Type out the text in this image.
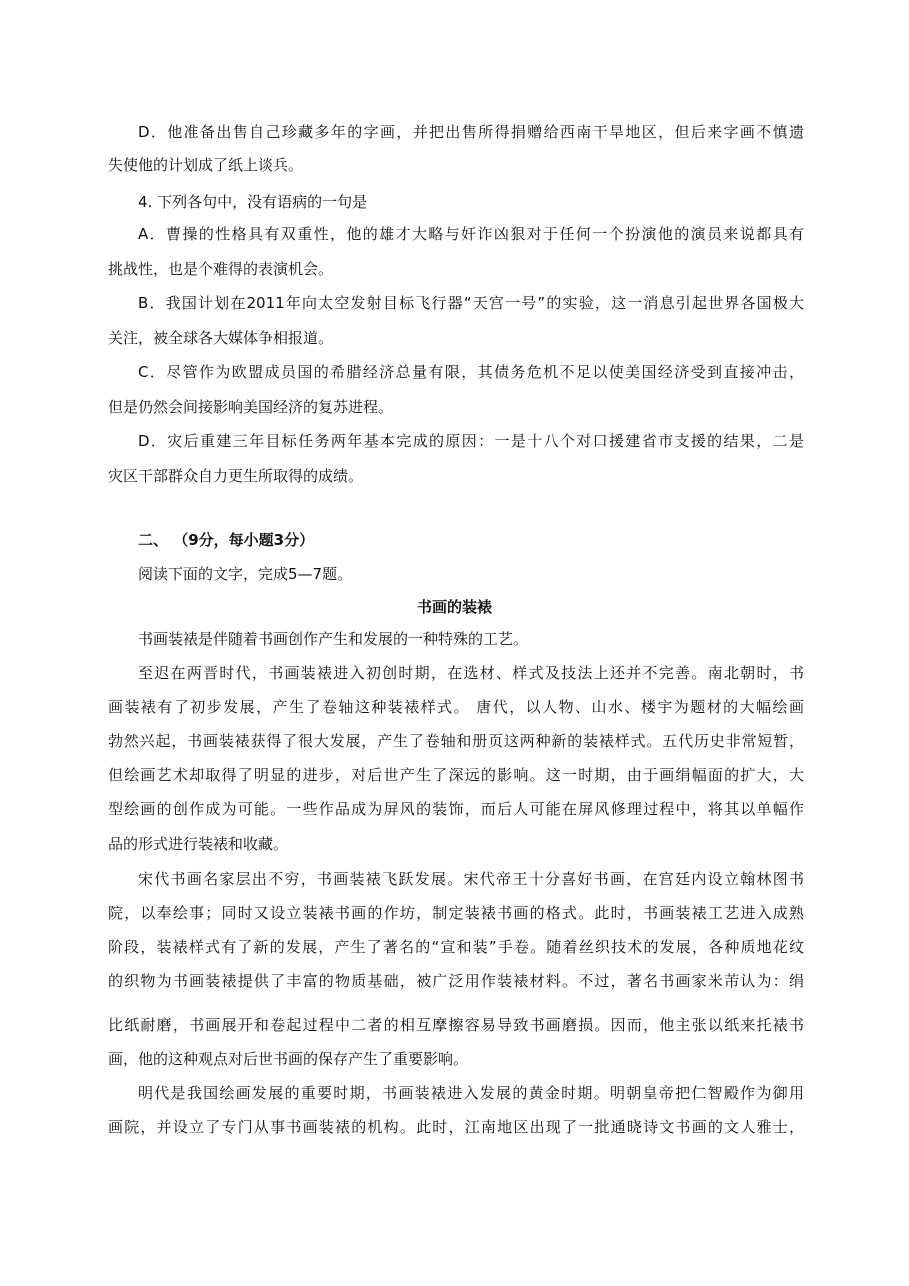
D．他准备出售自己珍藏多年的字画，并把出售所得捐赠给西南干旱地区，但后来字画不慎遗
失使他的计划成了纸上谈兵。
4. 下列各句中，没有语病的一句是
A．曹操的性格具有双重性，他的雄才大略与奸诈凶狠对于任何一个扮演他的演员来说都具有
挑战性，也是个难得的表演机会。
B．我国计划在2011年向太空发射目标飞行器“天宫一号”的实验，这一消息引起世界各国极大
关注，被全球各大媒体争相报道。
C．尽管作为欧盟成员国的希腊经济总量有限，其债务危机不足以使美国经济受到直接冲击，
但是仍然会间接影响美国经济的复苏进程。
D．灾后重建三年目标任务两年基本完成的原因：一是十八个对口援建省市支援的结果，二是
灾区干部群众自力更生所取得的成绩。
二、 （9分，每小题3分）
阅读下面的文字，完成5—7题。
书画的装裱
书画装裱是伴随着书画创作产生和发展的一种特殊的工艺。
至迟在两晋时代，书画装裱进入初创时期，在选材、样式及技法上还并不完善。南北朝时，书
画装裱有了初步发展，产生了卷轴这种装裱样式。 唐代，以人物、山水、楼宇为题材的大幅绘画
勃然兴起，书画装裱获得了很大发展，产生了卷轴和册页这两种新的装裱样式。五代历史非常短暂，
但绘画艺术却取得了明显的进步，对后世产生了深远的影响。这一时期，由于画绢幅面的扩大，大
型绘画的创作成为可能。一些作品成为屏风的装饰，而后人可能在屏风修理过程中，将其以单幅作
品的形式进行装裱和收藏。
宋代书画名家层出不穷，书画装裱飞跃发展。宋代帝王十分喜好书画，在宫廷内设立翰林图书
院，以奉绘事；同时又设立装裱书画的作坊，制定装裱书画的格式。此时，书画装裱工艺进入成熟
阶段，装裱样式有了新的发展，产生了著名的“宣和装”手卷。随着丝织技术的发展，各种质地花纹
的织物为书画装裱提供了丰富的物质基础，被广泛用作装裱材料。不过，著名书画家米芾认为：绢
比纸耐磨，书画展开和卷起过程中二者的相互摩擦容易导致书画磨损。因而，他主张以纸来托裱书
画，他的这种观点对后世书画的保存产生了重要影响。
明代是我国绘画发展的重要时期，书画装裱进入发展的黄金时期。明朝皇帝把仁智殿作为御用
画院，并设立了专门从事书画装裱的机构。此时，江南地区出现了一批通晓诗文书画的文人雅士，
